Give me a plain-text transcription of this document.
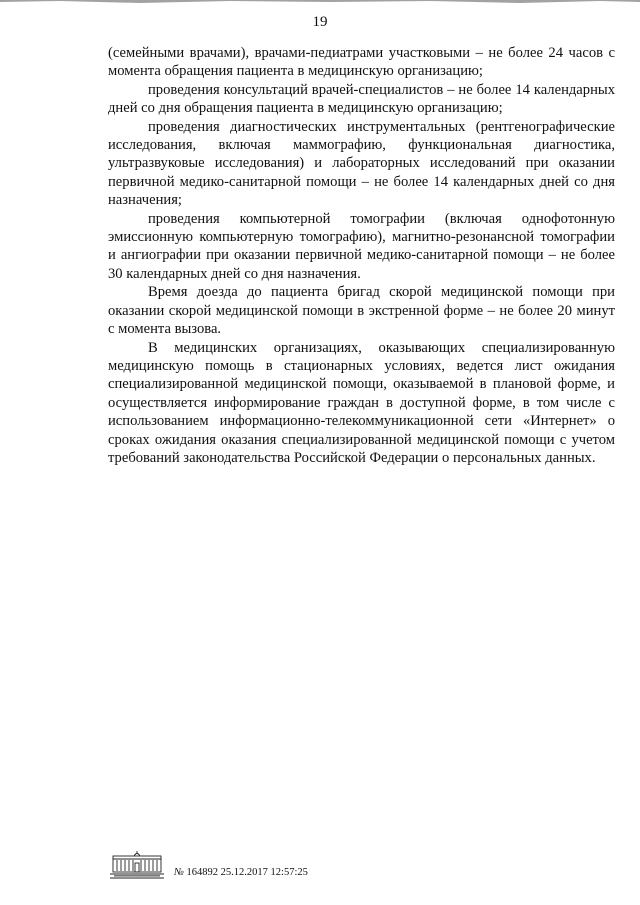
19

(семейными врачами), врачами-педиатрами участковыми – не более 24 часов с момента обращения пациента в медицинскую организацию;

проведения консультаций врачей-специалистов – не более 14 календарных дней со дня обращения пациента в медицинскую организацию;

проведения диагностических инструментальных (рентгенографические исследования, включая маммографию, функциональная диагностика, ультразвуковые исследования) и лабораторных исследований при оказании первичной медико-санитарной помощи – не более 14 календарных дней со дня назначения;

проведения компьютерной томографии (включая однофотонную эмиссионную компьютерную томографию), магнитно-резонансной томографии и ангиографии при оказании первичной медико-санитарной помощи – не более 30 календарных дней со дня назначения.

Время доезда до пациента бригад скорой медицинской помощи при оказании скорой медицинской помощи в экстренной форме – не более 20 минут с момента вызова.

В медицинских организациях, оказывающих специализированную медицинскую помощь в стационарных условиях, ведется лист ожидания специализированной медицинской помощи, оказываемой в плановой форме, и осуществляется информирование граждан в доступной форме, в том числе с использованием информационно-телекоммуникационной сети «Интернет» о сроках ожидания оказания специализированной медицинской помощи с учетом требований законодательства Российской Федерации о персональных данных.

№ 164892 25.12.2017 12:57:25
